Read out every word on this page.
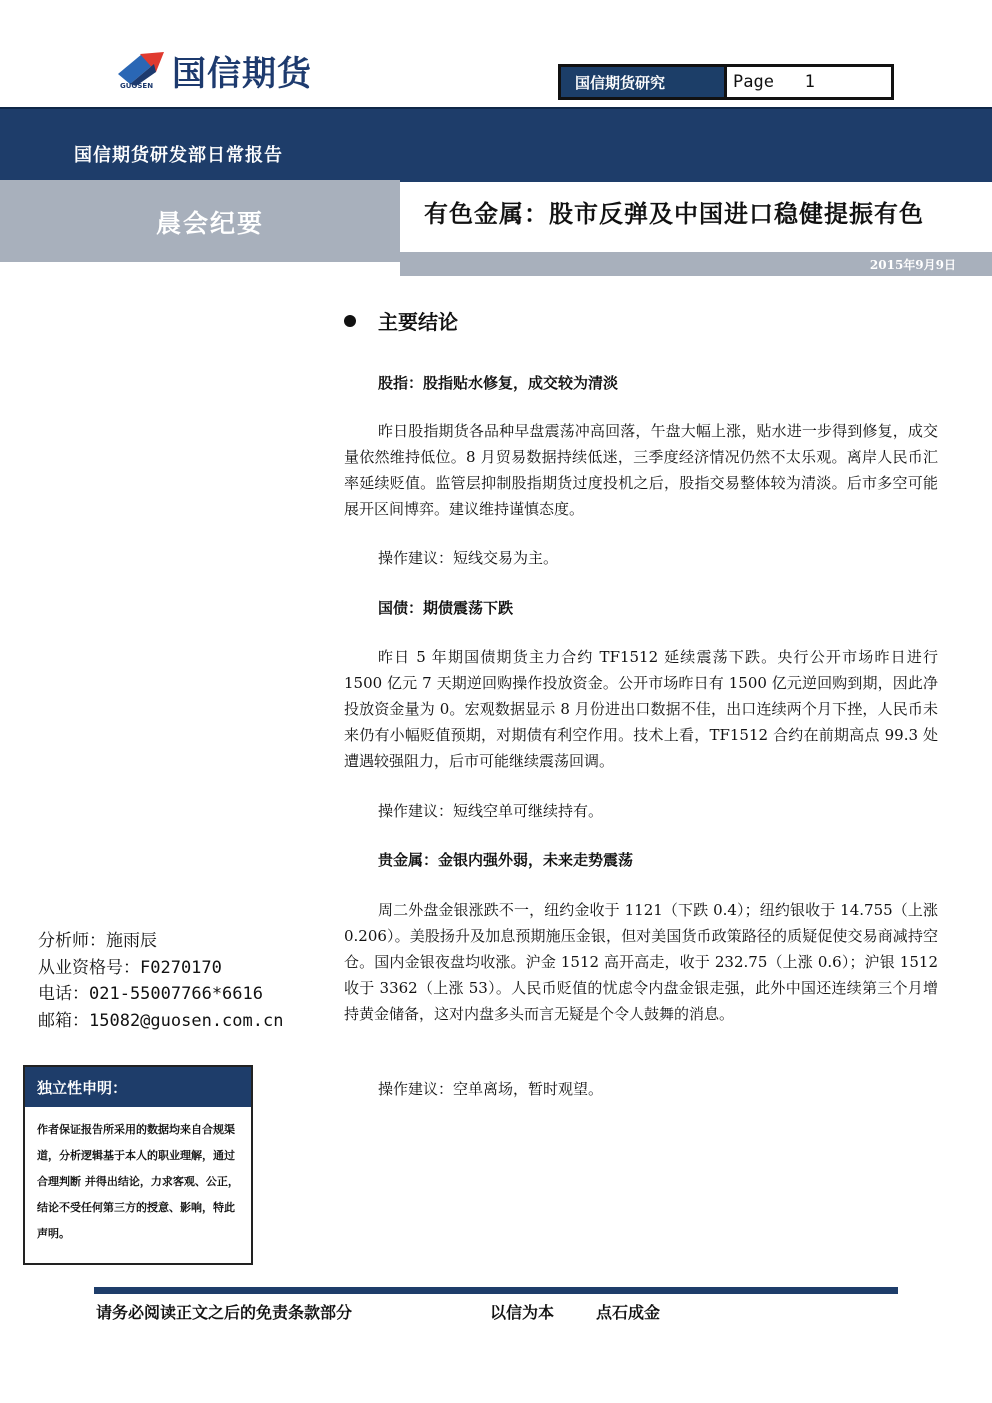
国信期货
GUOSEN	国信期货研究	Page   1
国信期货研发部日常报告
晨会纪要	有色金属：股市反弹及中国进口稳健提振有色
2015年9月9日
主要结论
股指：股指贴水修复，成交较为清淡
昨日股指期货各品种早盘震荡冲高回落，午盘大幅上涨，贴水进一步得到修复，成交量依然维持低位。8 月贸易数据持续低迷，三季度经济情况仍然不太乐观。离岸人民币汇率延续贬值。监管层抑制股指期货过度投机之后，股指交易整体较为清淡。后市多空可能展开区间博弈。建议维持谨慎态度。
操作建议：短线交易为主。
国债：期债震荡下跌
昨日 5 年期国债期货主力合约 TF1512 延续震荡下跌。央行公开市场昨日进行 1500 亿元 7 天期逆回购操作投放资金。公开市场昨日有 1500 亿元逆回购到期，因此净投放资金量为 0。宏观数据显示 8 月份进出口数据不佳，出口连续两个月下挫，人民币未来仍有小幅贬值预期，对期债有利空作用。技术上看，TF1512 合约在前期高点 99.3 处遭遇较强阻力，后市可能继续震荡回调。
操作建议：短线空单可继续持有。
贵金属：金银内强外弱，未来走势震荡
周二外盘金银涨跌不一，纽约金收于 1121（下跌 0.4）；纽约银收于 14.755（上涨 0.206）。美股扬升及加息预期施压金银，但对美国货币政策路径的质疑促使交易商减持空仓。国内金银夜盘均收涨。沪金 1512 高开高走，收于 232.75（上涨 0.6）；沪银 1512 收于 3362（上涨 53）。人民币贬值的忧虑令内盘金银走强，此外中国还连续第三个月增持黄金储备，这对内盘多头而言无疑是个令人鼓舞的消息。
操作建议：空单离场，暂时观望。
分析师：施雨辰
从业资格号：F0270170
电话：021-55007766*6616
邮箱：15082@guosen.com.cn
独立性申明：
作者保证报告所采用的数据均来自合规渠道，分析逻辑基于本人的职业理解，通过合理判断 并得出结论，力求客观、公正，结论不受任何第三方的授意、影响，特此声明。
请务必阅读正文之后的免责条款部分	以信为本	点石成金
